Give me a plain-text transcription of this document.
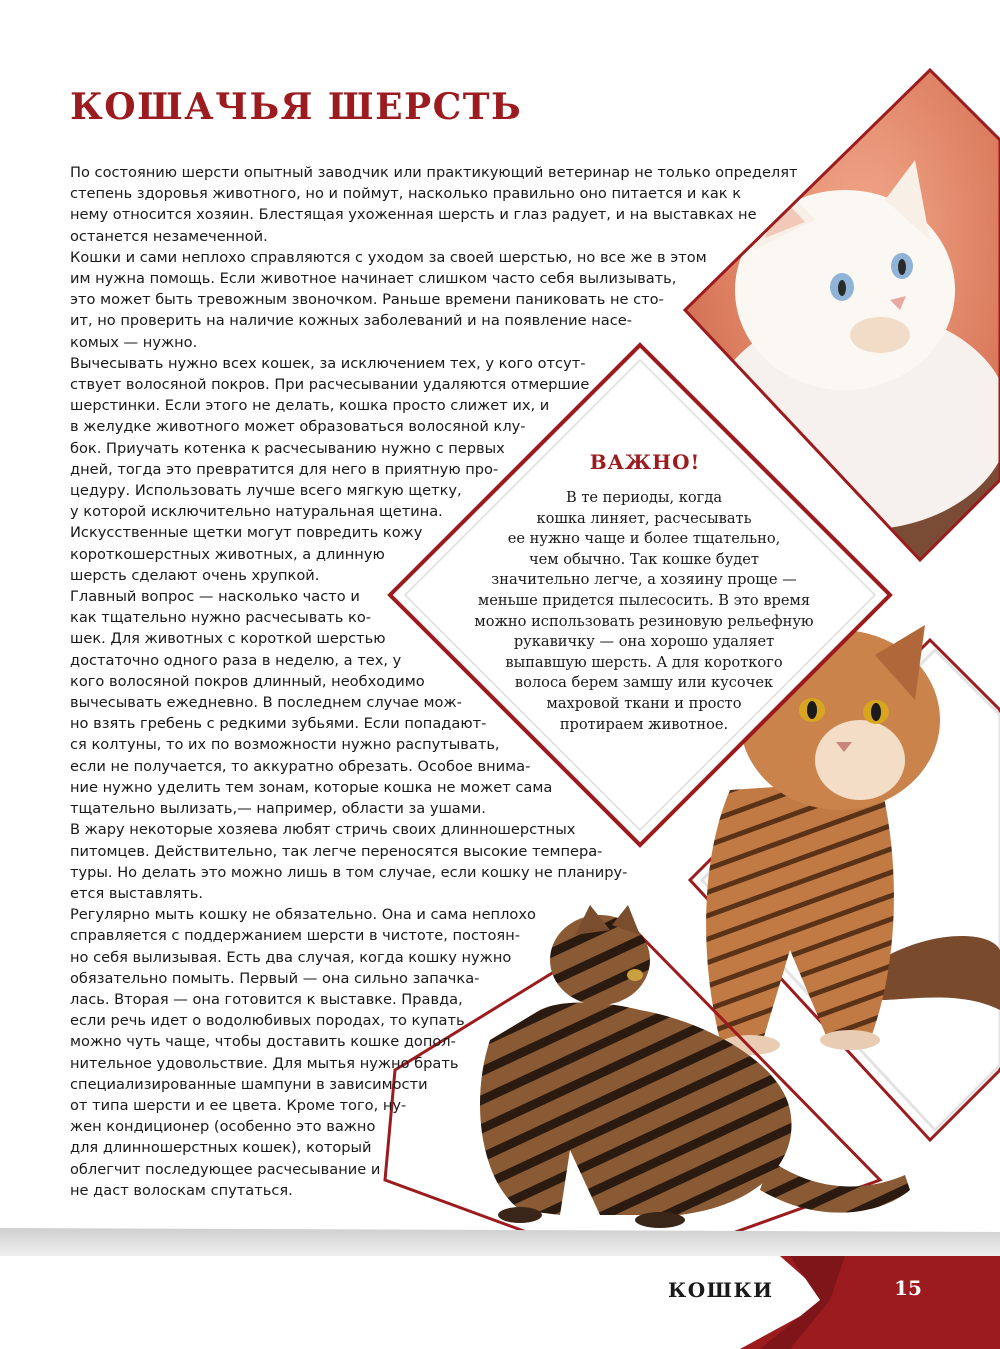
КОШАЧЬЯ ШЕРСТЬ
По состоянию шерсти опытный заводчик или практикующий ветеринар не только определят
степень здоровья животного, но и поймут, насколько правильно оно питается и как к
нему относится хозяин. Блестящая ухоженная шерсть и глаз радует, и на выставках не
останется незамеченной.
Кошки и сами неплохо справляются с уходом за своей шерстью, но все же в этом
им нужна помощь. Если животное начинает слишком часто себя вылизывать,
это может быть тревожным звоночком. Раньше времени паниковать не сто-
ит, но проверить на наличие кожных заболеваний и на появление насе-
комых — нужно.
Вычесывать нужно всех кошек, за исключением тех, у кого отсут-
ствует волосяной покров. При расчесывании удаляются отмершие
шерстинки. Если этого не делать, кошка просто слижет их, и
в желудке животного может образоваться волосяной клу-
бок. Приучать котенка к расчесыванию нужно с первых
дней, тогда это превратится для него в приятную про-
цедуру. Использовать лучше всего мягкую щетку,
у которой исключительно натуральная щетина.
Искусственные щетки могут повредить кожу
короткошерстных животных, а длинную
шерсть сделают очень хрупкой.
Главный вопрос — насколько часто и
как тщательно нужно расчесывать ко-
шек. Для животных с короткой шерстью
достаточно одного раза в неделю, а тех, у
кого волосяной покров длинный, необходимо
вычесывать ежедневно. В последнем случае мож-
но взять гребень с редкими зубьями. Если попадают-
ся колтуны, то их по возможности нужно распутывать,
если не получается, то аккуратно обрезать. Особое внима-
ние нужно уделить тем зонам, которые кошка не может сама
тщательно вылизать,— например, области за ушами.
В жару некоторые хозяева любят стричь своих длинношерстных
питомцев. Действительно, так легче переносятся высокие темпера-
туры. Но делать это можно лишь в том случае, если кошку не планиру-
ется выставлять.
Регулярно мыть кошку не обязательно. Она и сама неплохо
справляется с поддержанием шерсти в чистоте, постоян-
но себя вылизывая. Есть два случая, когда кошку нужно
обязательно помыть. Первый — она сильно запачка-
лась. Вторая — она готовится к выставке. Правда,
если речь идет о водолюбивых породах, то купать
можно чуть чаще, чтобы доставить кошке допол-
нительное удовольствие. Для мытья нужно брать
специализированные шампуни в зависимости
от типа шерсти и ее цвета. Кроме того, ну-
жен кондиционер (особенно это важно
для длинношерстных кошек), который
облегчит последующее расчесывание и
не даст волоскам спутаться.
ВАЖНО!
В те периоды, когда
кошка линяет, расчесывать
ее нужно чаще и более тщательно,
чем обычно. Так кошке будет
значительно легче, а хозяину проще —
меньше придется пылесосить. В это время
можно использовать резиновую рельефную
рукавичку — она хорошо удаляет
выпавшую шерсть. А для короткого
волоса берем замшу или кусочек
махровой ткани и просто
протираем животное.
КОШКИ	15
